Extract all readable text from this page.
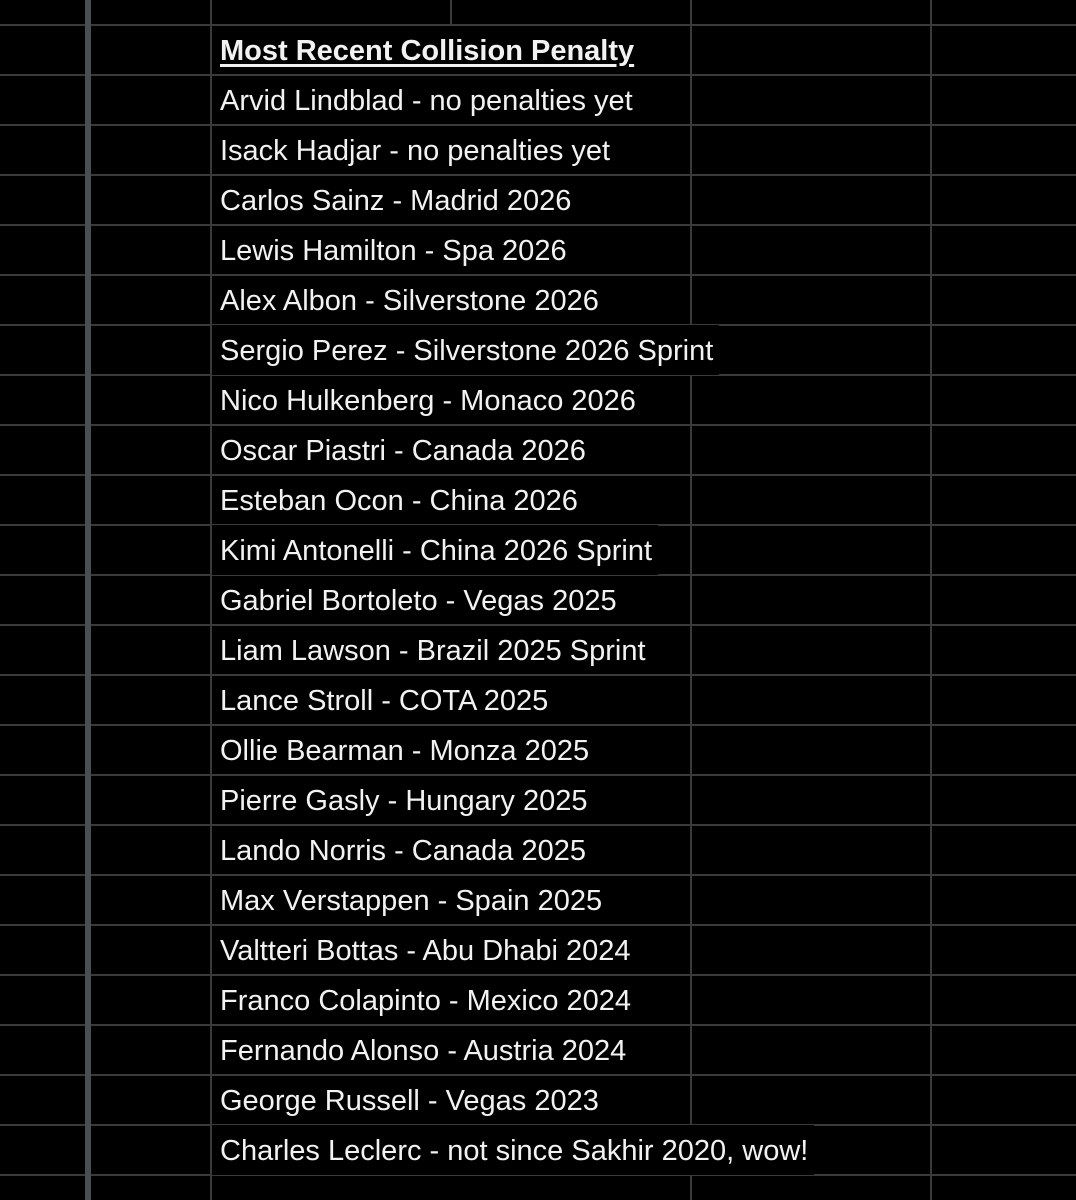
Most Recent Collision Penalty
Arvid Lindblad - no penalties yet
Isack Hadjar - no penalties yet
Carlos Sainz - Madrid 2026
Lewis Hamilton - Spa 2026
Alex Albon - Silverstone 2026
Sergio Perez - Silverstone 2026 Sprint
Nico Hulkenberg - Monaco 2026
Oscar Piastri - Canada 2026
Esteban Ocon - China 2026
Kimi Antonelli - China 2026 Sprint
Gabriel Bortoleto - Vegas 2025
Liam Lawson - Brazil 2025 Sprint
Lance Stroll - COTA 2025
Ollie Bearman - Monza 2025
Pierre Gasly - Hungary 2025
Lando Norris - Canada 2025
Max Verstappen - Spain 2025
Valtteri Bottas - Abu Dhabi 2024
Franco Colapinto - Mexico 2024
Fernando Alonso - Austria 2024
George Russell - Vegas 2023
Charles Leclerc - not since Sakhir 2020, wow!
